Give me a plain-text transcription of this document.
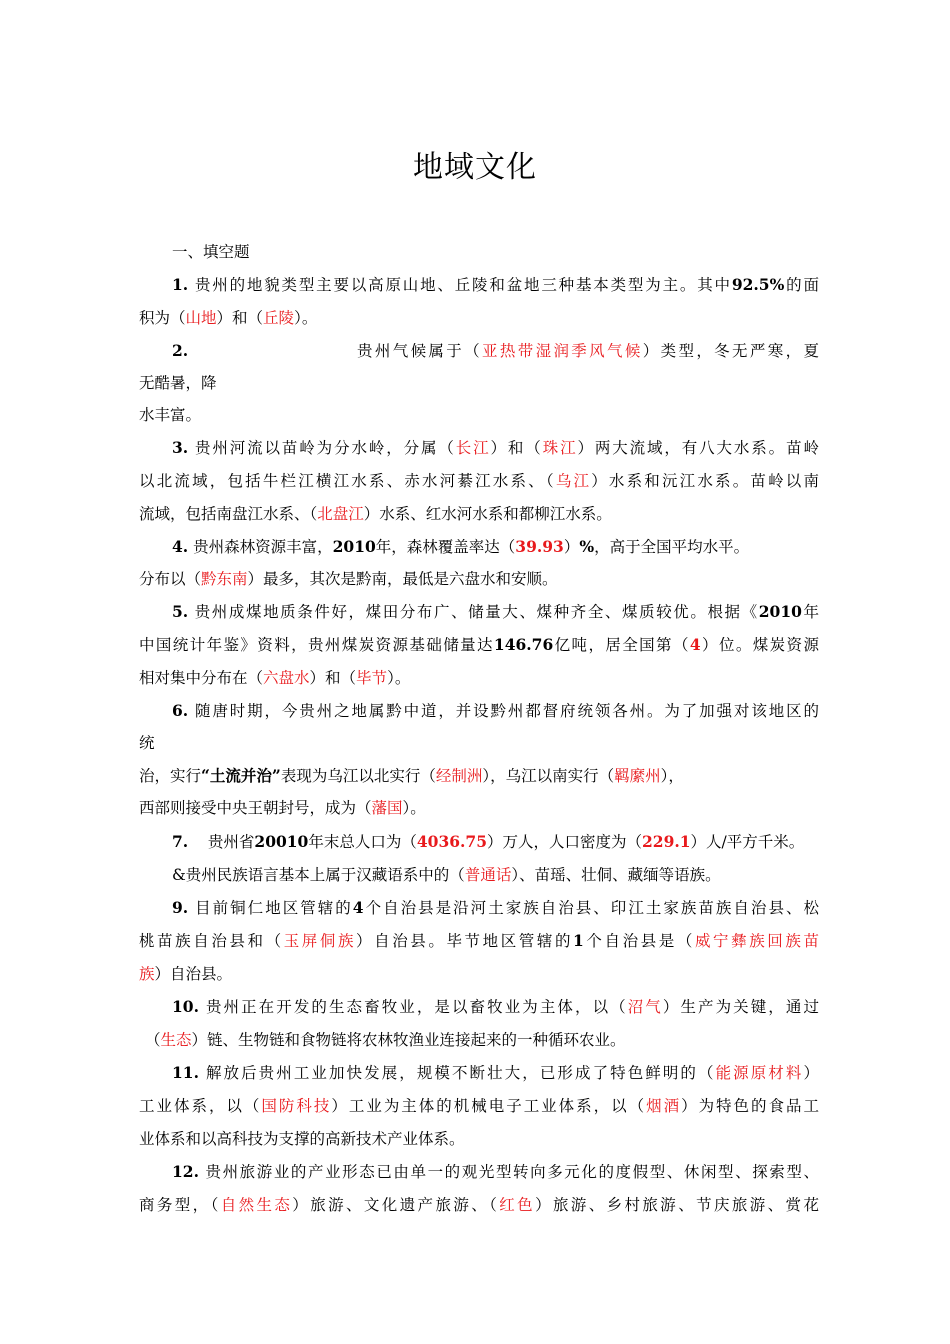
地域文化
一、填空题
1. 贵州的地貌类型主要以高原山地、丘陵和盆地三种基本类型为主。其中92.5%的面
积为（山地）和（丘陵）。
2.	贵州气候属于（亚热带湿润季风气候）类型，冬无严寒，夏
无酷暑，降
水丰富。
3. 贵州河流以苗岭为分水岭，分属（长江）和（珠江）两大流域，有八大水系。苗岭
以北流域，包括牛栏江横江水系、赤水河綦江水系、（乌江）水系和沅江水系。苗岭以南
流域，包括南盘江水系、（北盘江）水系、红水河水系和都柳江水系。
4. 贵州森林资源丰富，2010年，森林覆盖率达（39.93）%，高于全国平均水平。
分布以（黔东南）最多，其次是黔南，最低是六盘水和安顺。
5. 贵州成煤地质条件好，煤田分布广、储量大、煤种齐全、煤质较优。根据《2010年
中国统计年鉴》资料，贵州煤炭资源基础储量达146.76亿吨，居全国第（4）位。煤炭资源
相对集中分布在（六盘水）和（毕节）。
6. 随唐时期，今贵州之地属黔中道，并设黔州都督府统领各州。为了加强对该地区的
统
治，实行“土流并治”表现为乌江以北实行（经制洲），乌江以南实行（羁縻州），
西部则接受中央王朝封号，成为（藩国）。
7. 贵州省20010年末总人口为（4036.75）万人，人口密度为（229.1）人/平方千米。
&贵州民族语言基本上属于汉藏语系中的（普通话）、苗瑶、壮侗、藏缅等语族。
9. 目前铜仁地区管辖的4个自治县是沿河土家族自治县、印江土家族苗族自治县、松
桃苗族自治县和（玉屏侗族）自治县。毕节地区管辖的1个自治县是（威宁彝族回族苗
族）自治县。
10. 贵州正在开发的生态畜牧业，是以畜牧业为主体，以（沼气）生产为关键，通过
（生态）链、生物链和食物链将农林牧渔业连接起来的一种循环农业。
11. 解放后贵州工业加快发展，规模不断壮大，已形成了特色鲜明的（能源原材料）
工业体系，以（国防科技）工业为主体的机械电子工业体系，以（烟酒）为特色的食品工
业体系和以高科技为支撑的高新技术产业体系。
12. 贵州旅游业的产业形态已由单一的观光型转向多元化的度假型、休闲型、探索型、
商务型，（自然生态）旅游、文化遗产旅游、（红色）旅游、乡村旅游、节庆旅游、赏花
